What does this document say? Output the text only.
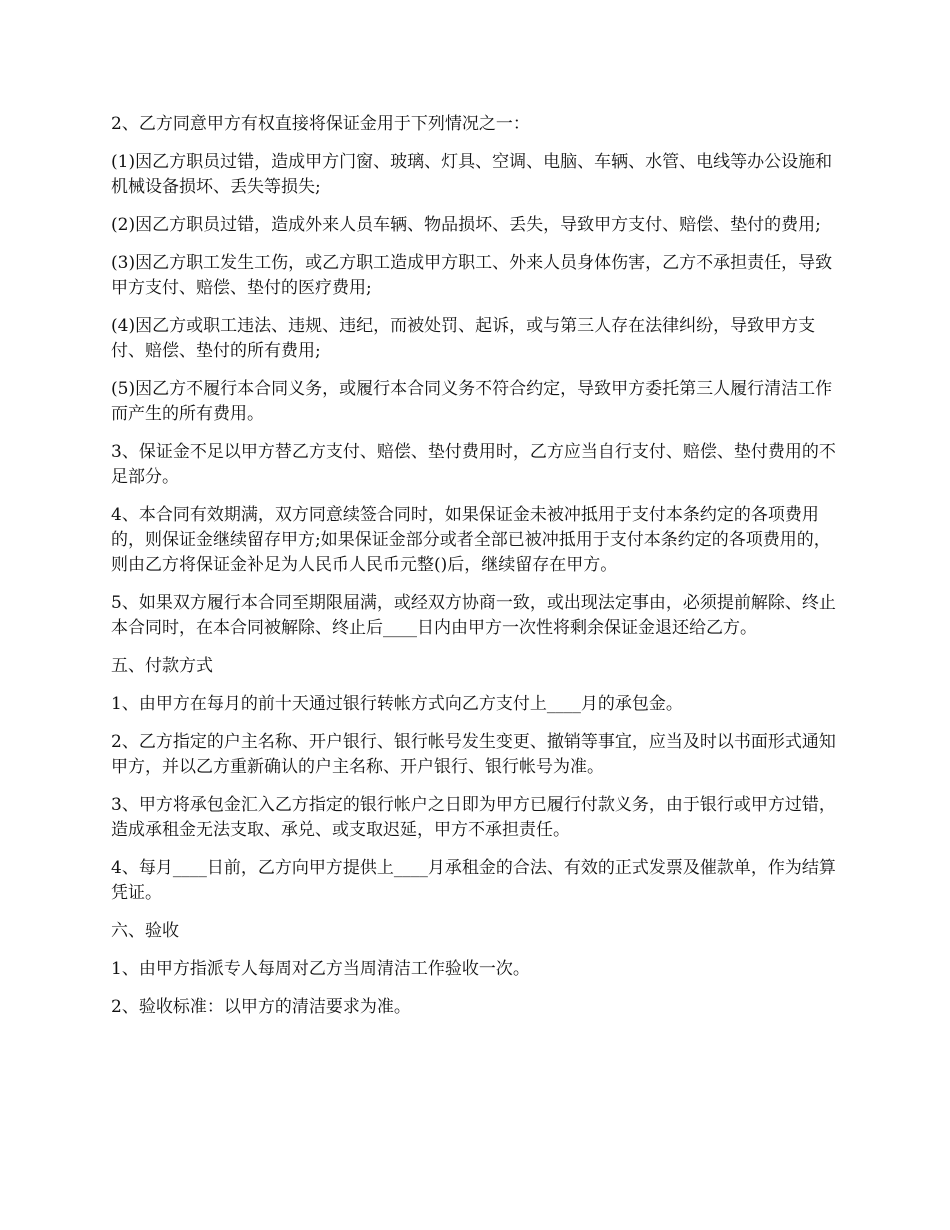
2、乙方同意甲方有权直接将保证金用于下列情况之一：

(1)因乙方职员过错，造成甲方门窗、玻璃、灯具、空调、电脑、车辆、水管、电线等办公设施和机械设备损坏、丢失等损失;

(2)因乙方职员过错，造成外来人员车辆、物品损坏、丢失，导致甲方支付、赔偿、垫付的费用;

(3)因乙方职工发生工伤，或乙方职工造成甲方职工、外来人员身体伤害，乙方不承担责任，导致甲方支付、赔偿、垫付的医疗费用;

(4)因乙方或职工违法、违规、违纪，而被处罚、起诉，或与第三人存在法律纠纷，导致甲方支付、赔偿、垫付的所有费用;

(5)因乙方不履行本合同义务，或履行本合同义务不符合约定，导致甲方委托第三人履行清洁工作而产生的所有费用。

3、保证金不足以甲方替乙方支付、赔偿、垫付费用时，乙方应当自行支付、赔偿、垫付费用的不足部分。

4、本合同有效期满，双方同意续签合同时，如果保证金未被冲抵用于支付本条约定的各项费用的，则保证金继续留存甲方;如果保证金部分或者全部已被冲抵用于支付本条约定的各项费用的，则由乙方将保证金补足为人民币人民币元整()后，继续留存在甲方。

5、如果双方履行本合同至期限届满，或经双方协商一致，或出现法定事由，必须提前解除、终止本合同时，在本合同被解除、终止后____日内由甲方一次性将剩余保证金退还给乙方。

五、付款方式

1、由甲方在每月的前十天通过银行转帐方式向乙方支付上____月的承包金。

2、乙方指定的户主名称、开户银行、银行帐号发生变更、撤销等事宜，应当及时以书面形式通知甲方，并以乙方重新确认的户主名称、开户银行、银行帐号为准。

3、甲方将承包金汇入乙方指定的银行帐户之日即为甲方已履行付款义务，由于银行或甲方过错，造成承租金无法支取、承兑、或支取迟延，甲方不承担责任。

4、每月____日前，乙方向甲方提供上____月承租金的合法、有效的正式发票及催款单，作为结算凭证。

六、验收

1、由甲方指派专人每周对乙方当周清洁工作验收一次。

2、验收标准：以甲方的清洁要求为准。
